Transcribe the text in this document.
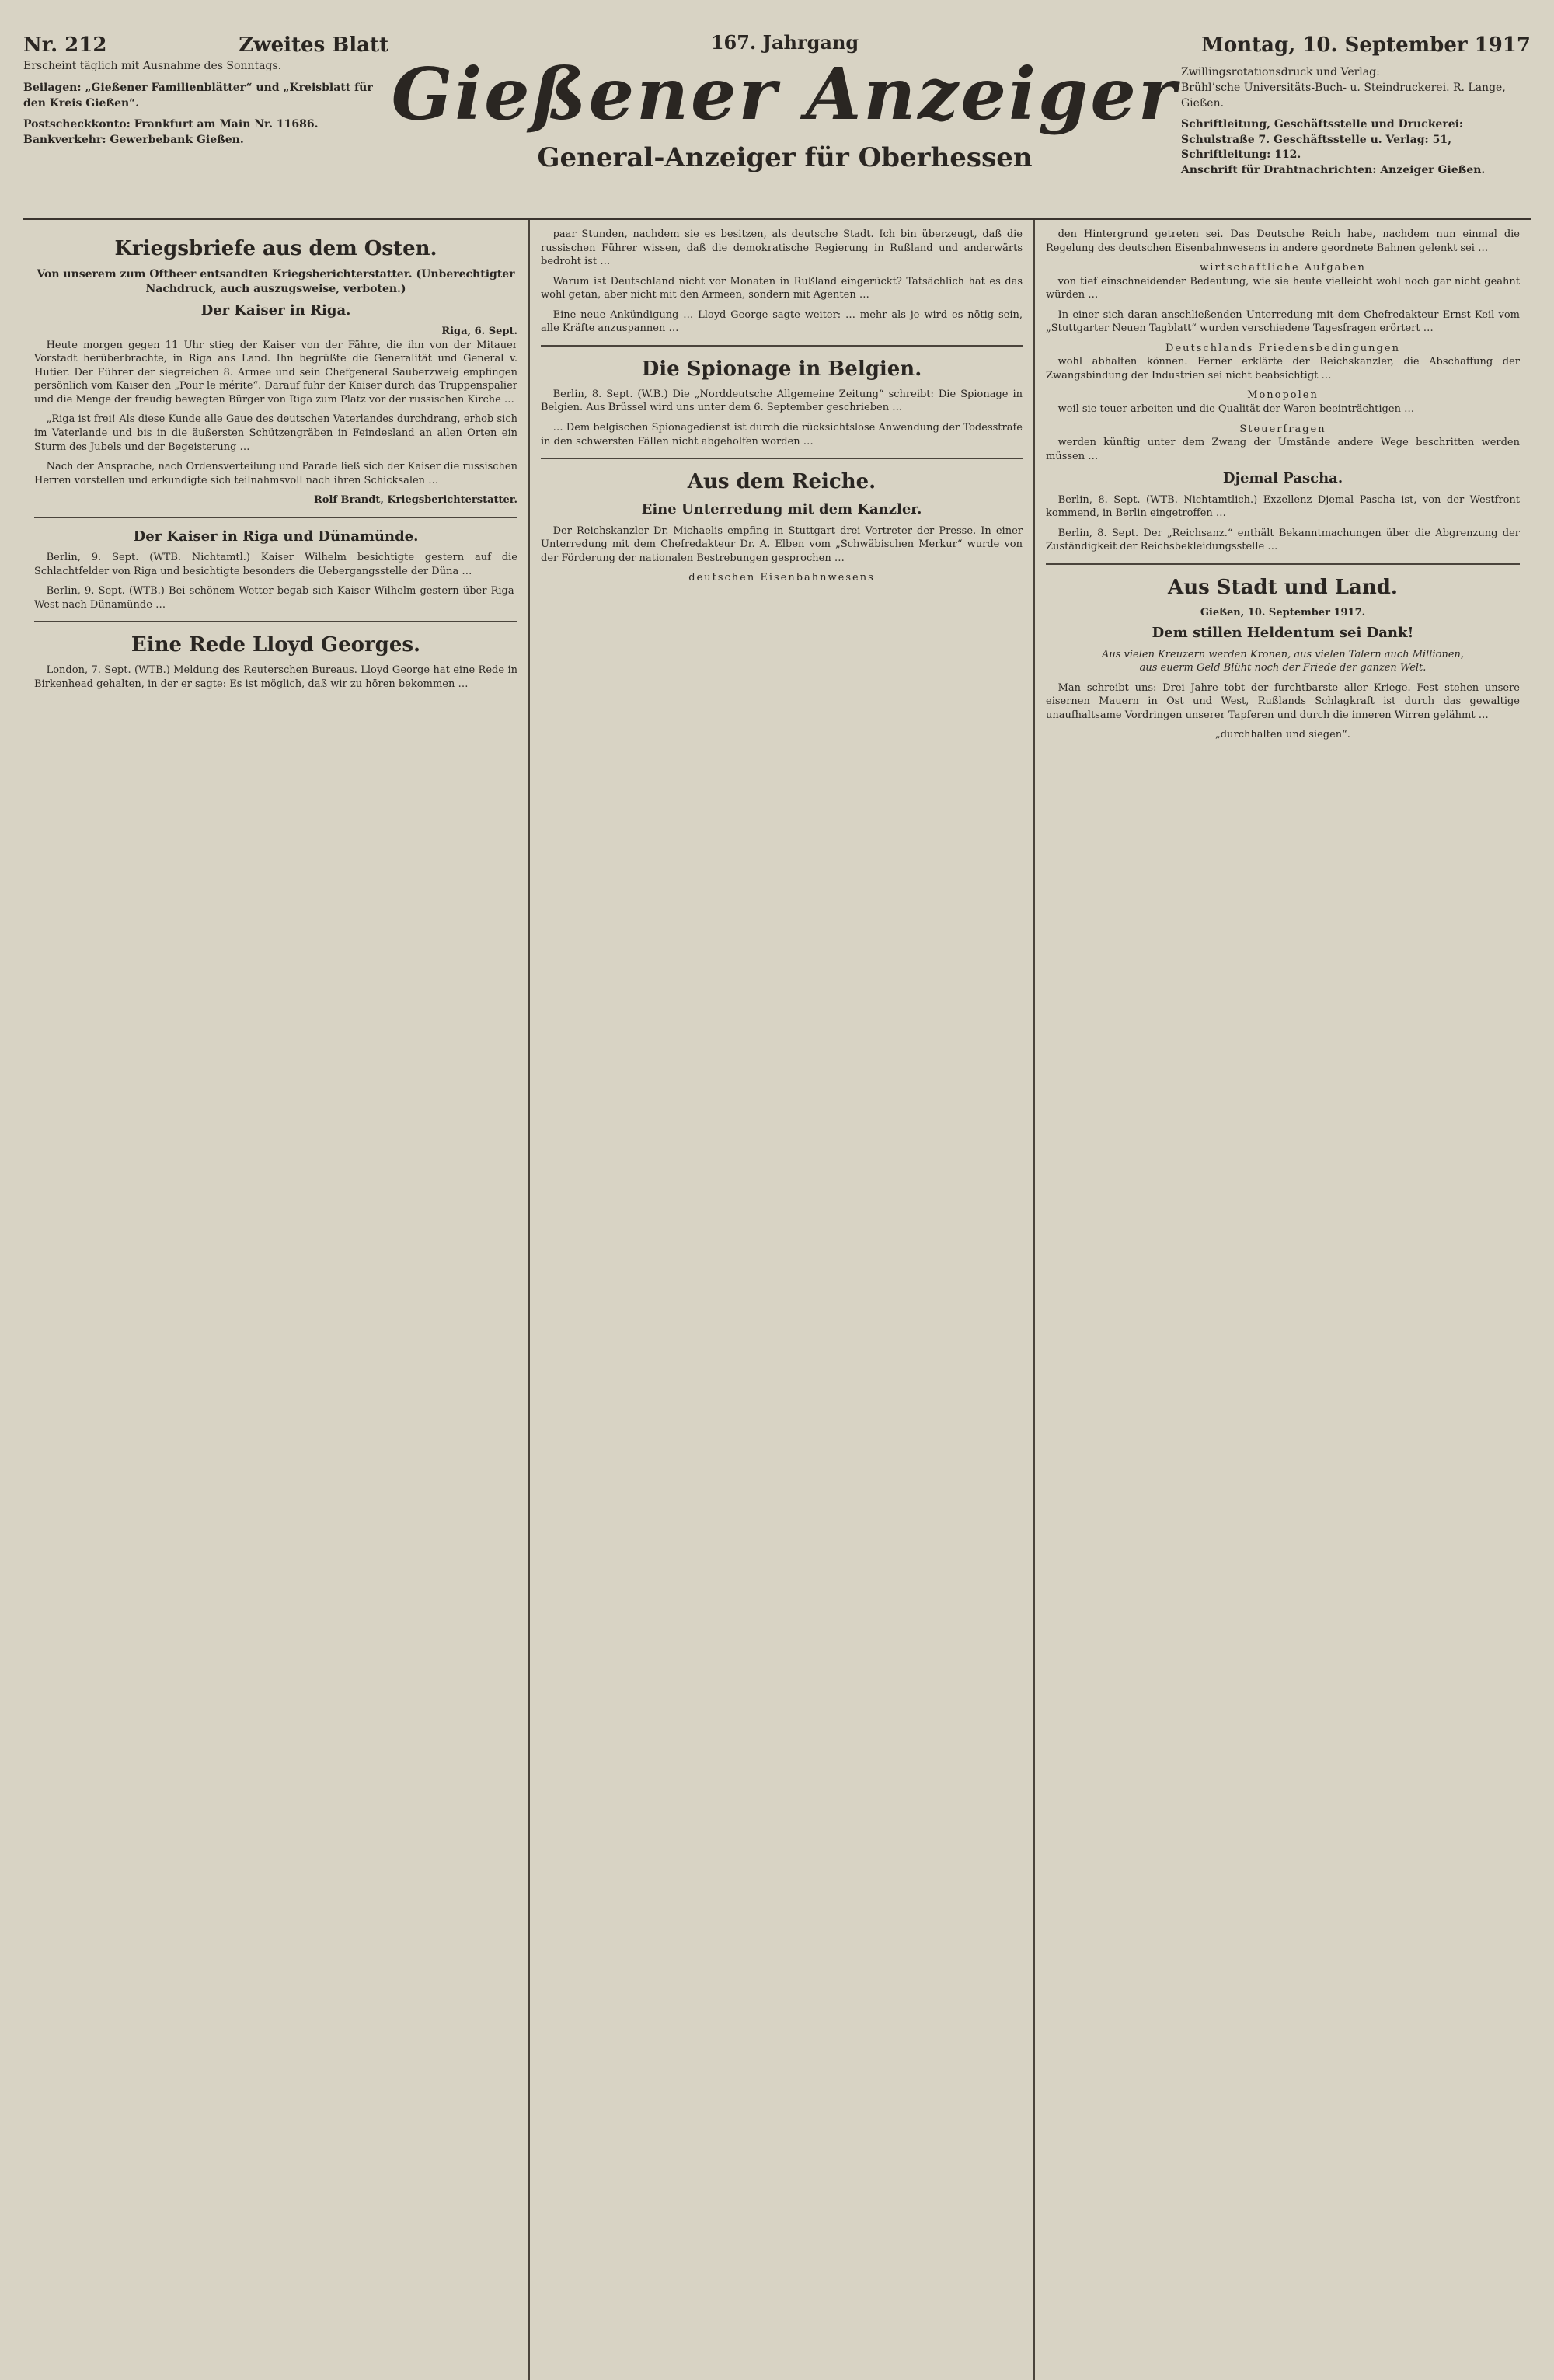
Nr. 212	Zweites Blatt
Erscheint täglich mit Ausnahme des Sonntags.
Beilagen: „Gießener Familienblätter“ und „Kreisblatt für den Kreis Gießen“.
Postscheckkonto: Frankfurt am Main Nr. 11686.
Bankverkehr: Gewerbebank Gießen.
167. Jahrgang
Gießener Anzeiger
General-Anzeiger für Oberhessen
Montag, 10. September 1917
Zwillingsrotationsdruck und Verlag:
Brühl’sche Universitäts-Buch- u. Steindruckerei. R. Lange, Gießen.
Schriftleitung, Geschäftsstelle und Druckerei: Schulstraße 7. Geschäftsstelle u. Verlag: 51, Schriftleitung: 112.
Anschrift für Drahtnachrichten: Anzeiger Gießen.
Kriegsbriefe aus dem Osten.
Von unserem zum Oftheer entsandten Kriegsberichterstatter. (Unberechtigter Nachdruck, auch auszugsweise, verboten.)
Der Kaiser in Riga.
Riga, 6. Sept.

Heute morgen gegen 11 Uhr stieg der Kaiser von der Fähre, die ihn von der Mitauer Vorstadt herüberbrachte, in Riga ans Land. Ihn begrüßte die Generalität und General v. Hutier. Der Führer der siegreichen 8. Armee und sein Chefgeneral Sauberzweig empfingen persönlich vom Kaiser den „Pour le mérite“. Darauf fuhr der Kaiser durch das Truppenspalier und die Menge der freudig bewegten Bürger von Riga zum Platz vor der russischen Kirche …

„Riga ist frei! Als diese Kunde alle Gaue des deutschen Vaterlandes durchdrang, erhob sich im Vaterlande und bis in die äußersten Schützengräben in Feindesland an allen Orten ein Sturm des Jubels und der Begeisterung …

Nach der Ansprache, nach Ordensverteilung und Parade ließ sich der Kaiser die russischen Herren vorstellen und erkundigte sich teilnahmsvoll nach ihren Schicksalen …

Rolf Brandt, Kriegsberichterstatter.
Der Kaiser in Riga und Dünamünde.

Berlin, 9. Sept. (WTB. Nichtamtl.) Kaiser Wilhelm besichtigte gestern auf die Schlachtfelder von Riga und besichtigte besonders die Uebergangsstelle der Düna …

Berlin, 9. Sept. (WTB.) Bei schönem Wetter begab sich Kaiser Wilhelm gestern über Riga-West nach Dünamünde …

Eine Rede Lloyd Georges.

London, 7. Sept. (WTB.) Meldung des Reuterschen Bureaus. Lloyd George hat eine Rede in Birkenhead gehalten, in der er sagte: Es ist möglich, daß wir zu hören bekommen …

paar Stunden, nachdem sie es besitzen, als deutsche Stadt. Ich bin überzeugt, daß die russischen Führer wissen, daß die demokratische Regierung in Rußland und anderwärts bedroht ist …

Warum ist Deutschland nicht vor Monaten in Rußland eingerückt? Tatsächlich hat es das wohl getan, aber nicht mit den Armeen, sondern mit Agenten …

Eine neue Ankündigung … Lloyd George sagte weiter: … mehr als je wird es nötig sein, alle Kräfte anzuspannen …

Die Spionage in Belgien.

Berlin, 8. Sept. (W.B.) Die „Norddeutsche Allgemeine Zeitung“ schreibt: Die Spionage in Belgien. Aus Brüssel wird uns unter dem 6. September geschrieben …

… Dem belgischen Spionagedienst ist durch die rücksichtslose Anwendung der Todesstrafe in den schwersten Fällen nicht abgeholfen worden …

Aus dem Reiche.
Eine Unterredung mit dem Kanzler.

Der Reichskanzler Dr. Michaelis empfing in Stuttgart drei Vertreter der Presse. In einer Unterredung mit dem Chefredakteur Dr. A. Elben vom „Schwäbischen Merkur“ wurde von der Förderung der nationalen Bestrebungen gesprochen …

deutschen Eisenbahnwesens

den Hintergrund getreten sei. Das Deutsche Reich habe, nachdem nun einmal die Regelung des deutschen Eisenbahnwesens in andere geordnete Bahnen gelenkt sei …

wirtschaftliche Aufgaben

von tief einschneidender Bedeutung, wie sie heute vielleicht wohl noch gar nicht geahnt würden …

In einer sich daran anschließenden Unterredung mit dem Chefredakteur Ernst Keil vom „Stuttgarter Neuen Tagblatt“ wurden verschiedene Tagesfragen erörtert …

Deutschlands Friedensbedingungen

wohl abhalten können. Ferner erklärte der Reichskanzler, die Abschaffung der Zwangsbindung der Industrien sei nicht beabsichtigt …

Monopolen

weil sie teuer arbeiten und die Qualität der Waren beeinträchtigen …

Steuerfragen

werden künftig unter dem Zwang der Umstände andere Wege beschritten werden müssen …

Djemal Pascha.

Berlin, 8. Sept. (WTB. Nichtamtlich.) Exzellenz Djemal Pascha ist, von der Westfront kommend, in Berlin eingetroffen …

Berlin, 8. Sept. Der „Reichsanz.“ enthält Bekanntmachungen über die Abgrenzung der Zuständigkeit der Reichsbekleidungsstelle …

Aus Stadt und Land.
Gießen, 10. September 1917.
Dem stillen Heldentum sei Dank!
Aus vielen Kreuzern werden Kronen, aus vielen Talern auch Millionen, aus euerm Geld Blüht noch der Friede der ganzen Welt.

Man schreibt uns: Drei Jahre tobt der furchtbarste aller Kriege. Fest stehen unsere eisernen Mauern in Ost und West, Rußlands Schlagkraft ist durch das gewaltige unaufhaltsame Vordringen unserer Tapferen und durch die inneren Wirren gelähmt …

„durchhalten und siegen“.
